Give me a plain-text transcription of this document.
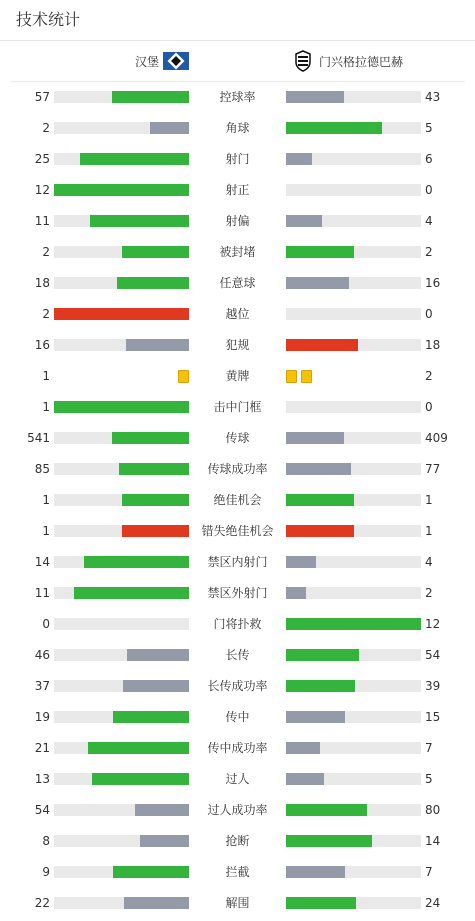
技术统计
汉堡	门兴格拉德巴赫
57	控球率	43
2	角球	5
25	射门	6
12	射正	0
11	射偏	4
2	被封堵	2
18	任意球	16
2	越位	0
16	犯规	18
1	黄牌	2
1	击中门框	0
541	传球	409
85	传球成功率	77
1	绝佳机会	1
1	错失绝佳机会	1
14	禁区内射门	4
11	禁区外射门	2
0	门将扑救	12
46	长传	54
37	长传成功率	39
19	传中	15
21	传中成功率	7
13	过人	5
54	过人成功率	80
8	抢断	14
9	拦截	7
22	解围	24
